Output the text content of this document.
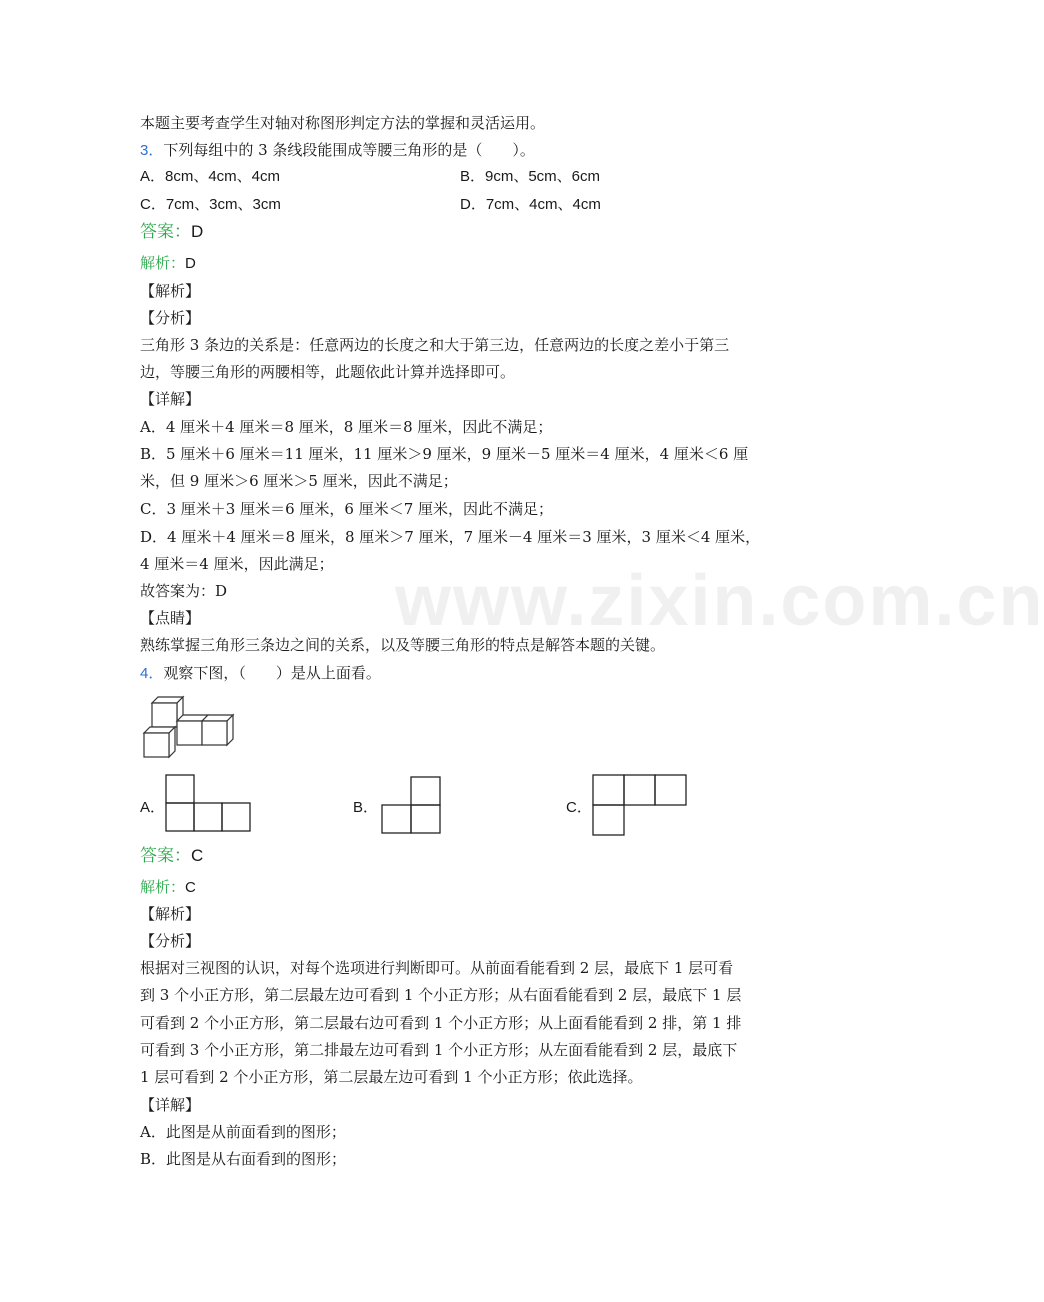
www.zixin.com.cn
本题主要考查学生对轴对称图形判定方法的掌握和灵活运用。
3．下列每组中的 3 条线段能围成等腰三角形的是（　　）。
A．8cm、4cm、4cm	B．9cm、5cm、6cm
C．7cm、3cm、3cm	D．7cm、4cm、4cm
答案：D
解析：D
【解析】
【分析】
三角形 3 条边的关系是：任意两边的长度之和大于第三边，任意两边的长度之差小于第三
边，等腰三角形的两腰相等，此题依此计算并选择即可。
【详解】
A．4 厘米＋4 厘米＝8 厘米，8 厘米＝8 厘米，因此不满足；
B．5 厘米＋6 厘米＝11 厘米，11 厘米＞9 厘米，9 厘米－5 厘米＝4 厘米，4 厘米＜6 厘
米，但 9 厘米＞6 厘米＞5 厘米，因此不满足；
C．3 厘米＋3 厘米＝6 厘米，6 厘米＜7 厘米，因此不满足；
D．4 厘米＋4 厘米＝8 厘米，8 厘米＞7 厘米，7 厘米－4 厘米＝3 厘米，3 厘米＜4 厘米，
4 厘米＝4 厘米，因此满足；
故答案为：D
【点睛】
熟练掌握三角形三条边之间的关系，以及等腰三角形的特点是解答本题的关键。
4．观察下图，（　　）是从上面看。
A．	B．	C．
答案：C
解析：C
【解析】
【分析】
根据对三视图的认识，对每个选项进行判断即可。从前面看能看到 2 层，最底下 1 层可看
到 3 个小正方形，第二层最左边可看到 1 个小正方形；从右面看能看到 2 层，最底下 1 层
可看到 2 个小正方形，第二层最右边可看到 1 个小正方形；从上面看能看到 2 排，第 1 排
可看到 3 个小正方形，第二排最左边可看到 1 个小正方形；从左面看能看到 2 层，最底下
1 层可看到 2 个小正方形，第二层最左边可看到 1 个小正方形；依此选择。
【详解】
A．此图是从前面看到的图形；
B．此图是从右面看到的图形；
